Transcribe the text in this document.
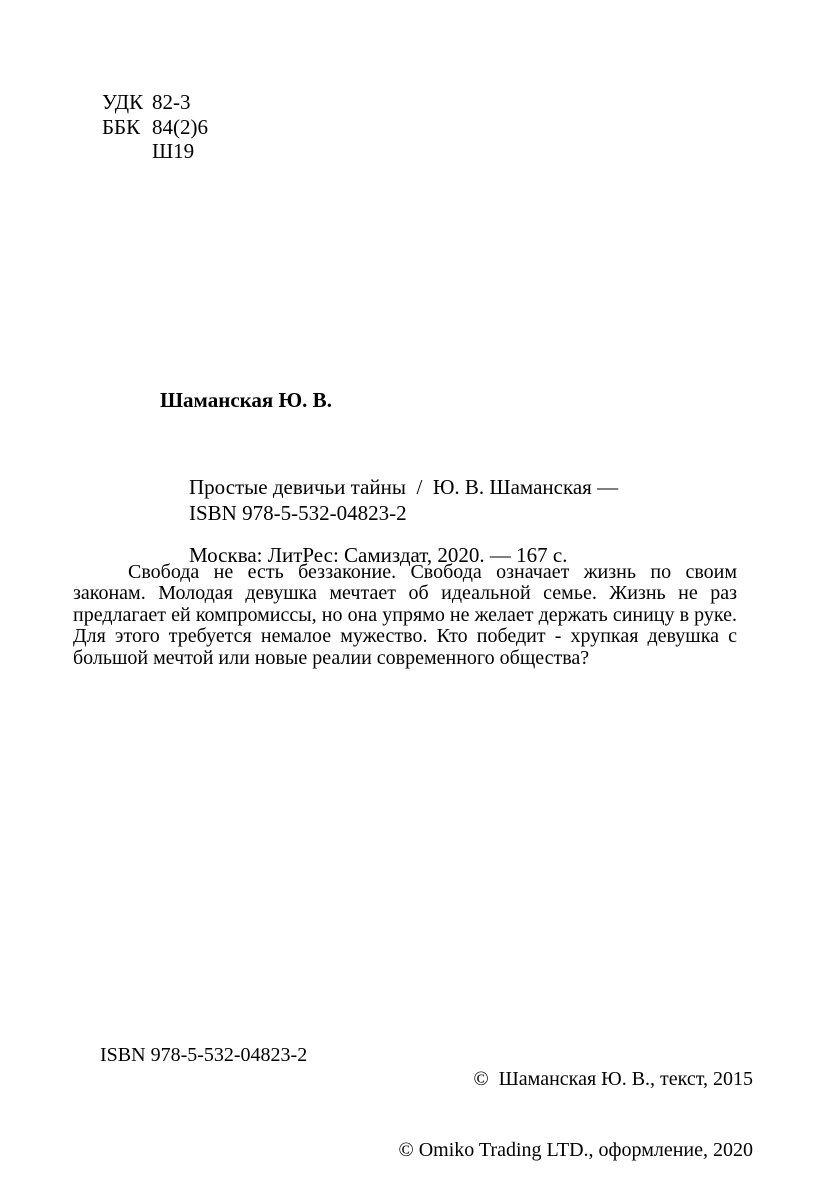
УДК 82-3
ББК 84(2)6
Ш19
Шаманская Ю. В.

Простые девичьи тайны  /  Ю. В. Шаманская —

Москва: ЛитРес: Самиздат, 2020. — 167 с.

ISBN 978-5-532-04823-2

Свобода не есть беззаконие. Свобода означает жизнь по своим законам. Молодая девушка мечтает об идеальной семье. Жизнь не раз предлагает ей компромиссы, но она упрямо не желает держать синицу в руке. Для этого требуется немалое мужество. Кто победит - хрупкая девушка с большой мечтой или новые реалии современного общества?

©  Шаманская Ю. В., текст, 2015

© Omiko Trading LTD., оформление, 2020

ISBN 978-5-532-04823-2
